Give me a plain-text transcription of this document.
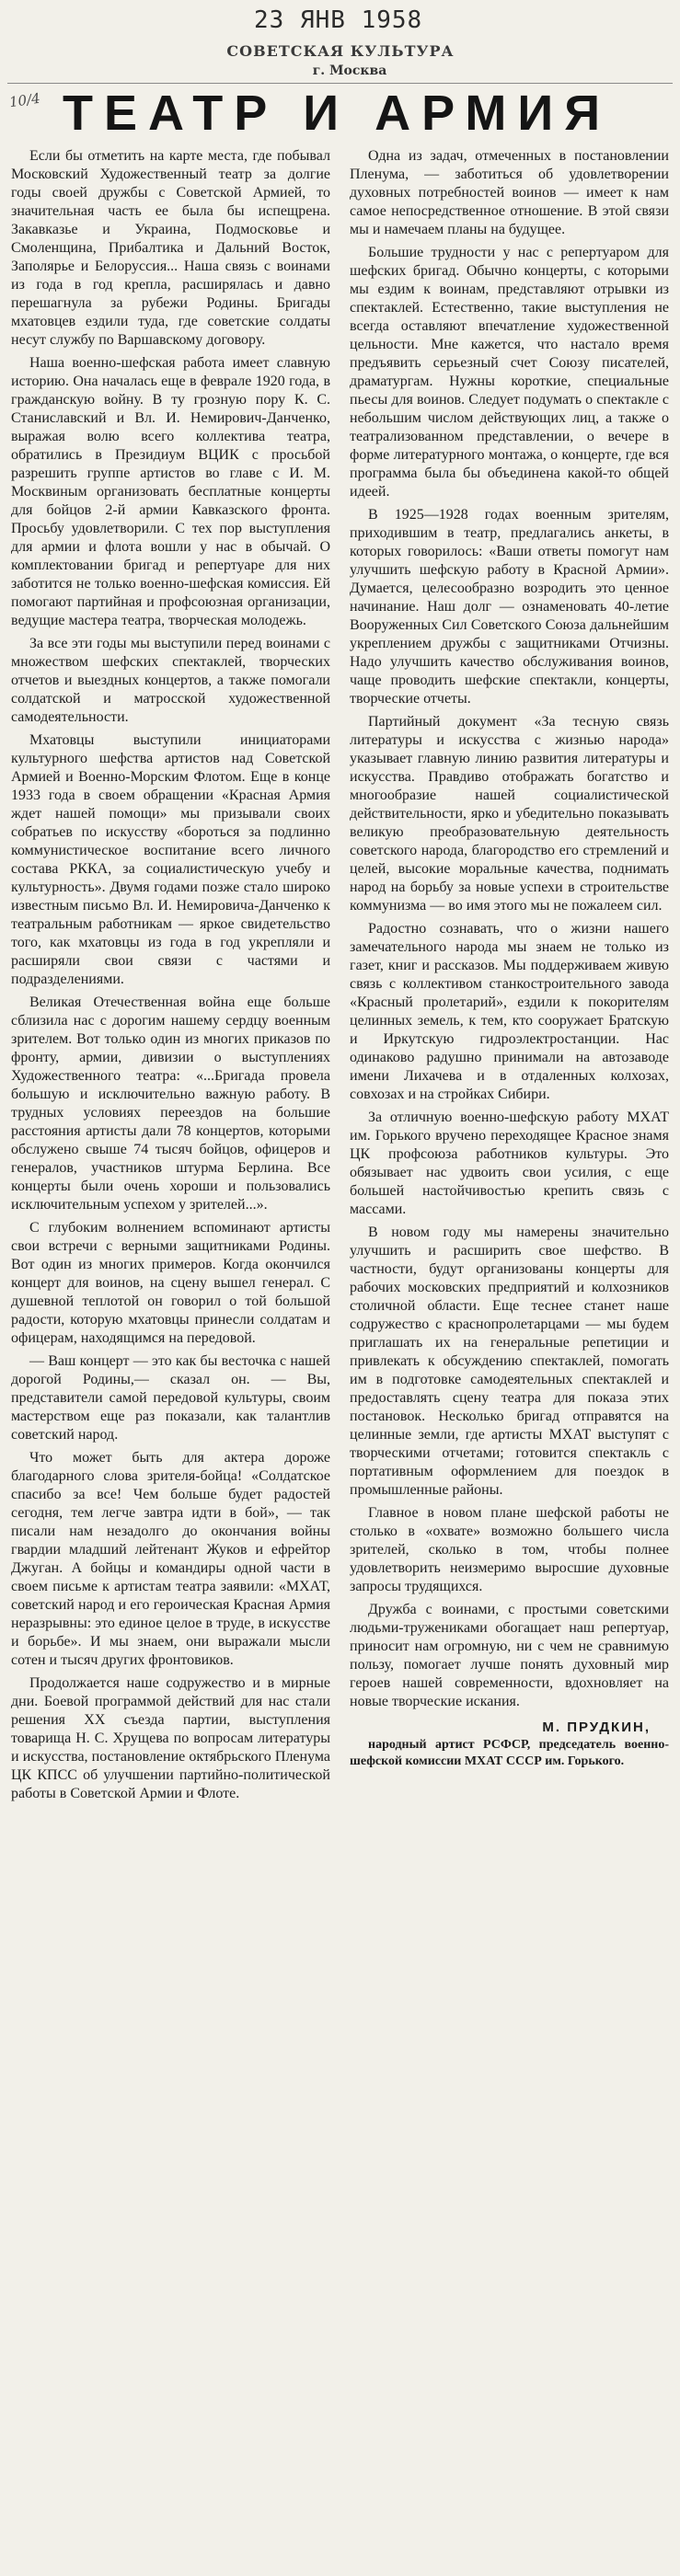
23 ЯНВ 1958
СОВЕТСКАЯ КУЛЬТУРА
г. Москва
10/4 ТЕАТР И АРМИЯ

Если бы отметить на карте места, где побывал Московский Художественный театр за долгие годы своей дружбы с Советской Армией, то значительная часть ее была бы испещрена. Закавказье и Украина, Подмосковье и Смоленщина, Прибалтика и Дальний Восток, Заполярье и Белоруссия... Наша связь с воинами из года в год крепла, расширялась и давно перешагнула за рубежи Родины. Бригады мхатовцев ездили туда, где советские солдаты несут службу по Варшавскому договору.

Наша военно-шефская работа имеет славную историю. Она началась еще в феврале 1920 года, в гражданскую войну. В ту грозную пору К. С. Станиславский и Вл. И. Немирович-Данченко, выражая волю всего коллектива театра, обратились в Президиум ВЦИК с просьбой разрешить группе артистов во главе с И. М. Москвиным организовать бесплатные концерты для бойцов 2-й армии Кавказского фронта. Просьбу удовлетворили. С тех пор выступления для армии и флота вошли у нас в обычай. О комплектовании бригад и репертуаре для них заботится не только военно-шефская комиссия. Ей помогают партийная и профсоюзная организации, ведущие мастера театра, творческая молодежь.

За все эти годы мы выступили перед воинами с множеством шефских спектаклей, творческих отчетов и выездных концертов, а также помогали солдатской и матросской художественной самодеятельности.

Мхатовцы выступили инициаторами культурного шефства артистов над Советской Армией и Военно-Морским Флотом. Еще в конце 1933 года в своем обращении «Красная Армия ждет нашей помощи» мы призывали своих собратьев по искусству «бороться за подлинно коммунистическое воспитание всего личного состава РККА, за социалистическую учебу и культурность». Двумя годами позже стало широко известным письмо Вл. И. Немировича-Данченко к театральным работникам — яркое свидетельство того, как мхатовцы из года в год укрепляли и расширяли свои связи с частями и подразделениями.

Великая Отечественная война еще больше сблизила нас с дорогим нашему сердцу военным зрителем. Вот только один из многих приказов по фронту, армии, дивизии о выступлениях Художественного театра: «...Бригада провела большую и исключительно важную работу. В трудных условиях переездов на большие расстояния артисты дали 78 концертов, которыми обслужено свыше 74 тысяч бойцов, офицеров и генералов, участников штурма Берлина. Все концерты были очень хороши и пользовались исключительным успехом у зрителей...».

С глубоким волнением вспоминают артисты свои встречи с верными защитниками Родины. Вот один из многих примеров. Когда окончился концерт для воинов, на сцену вышел генерал. С душевной теплотой он говорил о той большой радости, которую мхатовцы принесли солдатам и офицерам, находящимся на передовой.

— Ваш концерт — это как бы весточка с нашей дорогой Родины,— сказал он. — Вы, представители самой передовой культуры, своим мастерством еще раз показали, как талантлив советский народ.

Что может быть для актера дороже благодарного слова зрителя-бойца! «Солдатское спасибо за все! Чем больше будет радостей сегодня, тем легче завтра идти в бой», — так писали нам незадолго до окончания войны гвардии младший лейтенант Жуков и ефрейтор Джуган. А бойцы и командиры одной части в своем письме к артистам театра заявили: «МХАТ, советский народ и его героическая Красная Армия неразрывны: это единое целое в труде, в искусстве и борьбе». И мы знаем, они выражали мысли сотен и тысяч других фронтовиков.

Продолжается наше содружество и в мирные дни. Боевой программой действий для нас стали решения XX съезда партии, выступления товарища Н. С. Хрущева по вопросам литературы и искусства, постановление октябрьского Пленума ЦК КПСС об улучшении партийно-политической работы в Советской Армии и Флоте.

Одна из задач, отмеченных в постановлении Пленума, — заботиться об удовлетворении духовных потребностей воинов — имеет к нам самое непосредственное отношение. В этой связи мы и намечаем планы на будущее.

Большие трудности у нас с репертуаром для шефских бригад. Обычно концерты, с которыми мы ездим к воинам, представляют отрывки из спектаклей. Естественно, такие выступления не всегда оставляют впечатление художественной цельности. Мне кажется, что настало время предъявить серьезный счет Союзу писателей, драматургам. Нужны короткие, специальные пьесы для воинов. Следует подумать о спектакле с небольшим числом действующих лиц, а также о театрализованном представлении, о вечере в форме литературного монтажа, о концерте, где вся программа была бы объединена какой-то общей идеей.

В 1925—1928 годах военным зрителям, приходившим в театр, предлагались анкеты, в которых говорилось: «Ваши ответы помогут нам улучшить шефскую работу в Красной Армии». Думается, целесообразно возродить это ценное начинание. Наш долг — ознаменовать 40-летие Вооруженных Сил Советского Союза дальнейшим укреплением дружбы с защитниками Отчизны. Надо улучшить качество обслуживания воинов, чаще проводить шефские спектакли, концерты, творческие отчеты.

Партийный документ «За тесную связь литературы и искусства с жизнью народа» указывает главную линию развития литературы и искусства. Правдиво отображать богатство и многообразие нашей социалистической действительности, ярко и убедительно показывать великую преобразовательную деятельность советского народа, благородство его стремлений и целей, высокие моральные качества, поднимать народ на борьбу за новые успехи в строительстве коммунизма — во имя этого мы не пожалеем сил.

Радостно сознавать, что о жизни нашего замечательного народа мы знаем не только из газет, книг и рассказов. Мы поддерживаем живую связь с коллективом станкостроительного завода «Красный пролетарий», ездили к покорителям целинных земель, к тем, кто сооружает Братскую и Иркутскую гидроэлектростанции. Нас одинаково радушно принимали на автозаводе имени Лихачева и в отдаленных колхозах, совхозах и на стройках Сибири.

За отличную военно-шефскую работу МХАТ им. Горького вручено переходящее Красное знамя ЦК профсоюза работников культуры. Это обязывает нас удвоить свои усилия, с еще большей настойчивостью крепить связь с массами.

В новом году мы намерены значительно улучшить и расширить свое шефство. В частности, будут организованы концерты для рабочих московских предприятий и колхозников столичной области. Еще теснее станет наше содружество с краснопролетарцами — мы будем приглашать их на генеральные репетиции и привлекать к обсуждению спектаклей, помогать им в подготовке самодеятельных спектаклей и предоставлять сцену театра для показа этих постановок. Несколько бригад отправятся на целинные земли, где артисты МХАТ выступят с творческими отчетами; готовится спектакль с портативным оформлением для поездок в промышленные районы.

Главное в новом плане шефской работы не столько в «охвате» возможно большего числа зрителей, сколько в том, чтобы полнее удовлетворить неизмеримо выросшие духовные запросы трудящихся.

Дружба с воинами, с простыми советскими людьми-тружениками обогащает наш репертуар, приносит нам огромную, ни с чем не сравнимую пользу, помогает лучше понять духовный мир героев нашей современности, вдохновляет на новые творческие искания.

М. ПРУДКИН,
народный артист РСФСР, председатель военно-шефской комиссии МХАТ СССР им. Горького.
